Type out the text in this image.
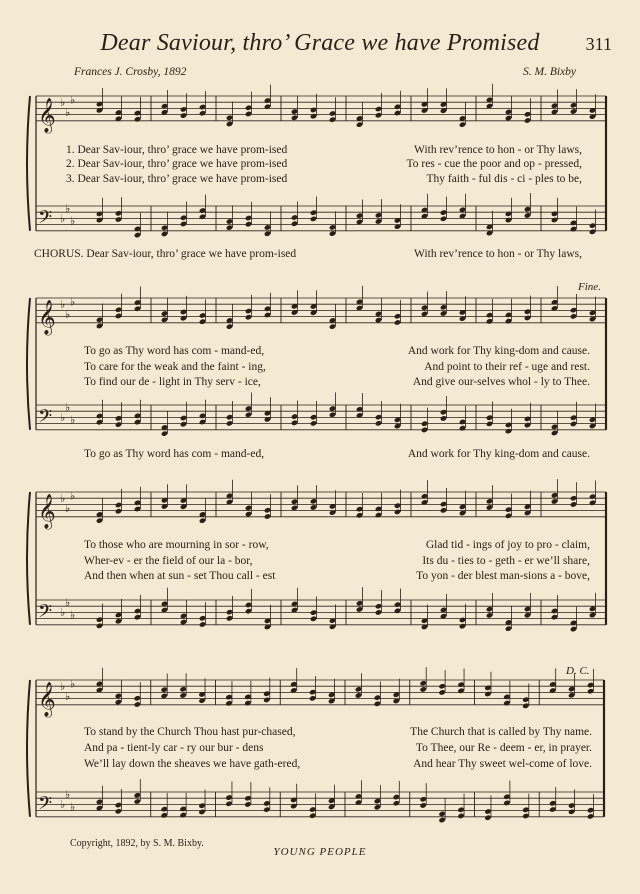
Dear Saviour, thro’ Grace we have Promised	311
Frances J. Crosby, 1892	S. M. Bixby
𝄞
𝄢
♭
♭
♭
♭
♭
♭
𝄞
𝄢
♭
♭
♭
♭
♭
♭
𝄞
𝄢
♭
♭
♭
♭
♭
♭
𝄞
𝄢
♭
♭
♭
♭
♭
♭
1. Dear Sav-iour, thro’ grace we have prom-ised	With rev’rence to hon - or Thy laws,
2. Dear Sav-iour, thro’ grace we have prom-ised	To res - cue the poor and op - pressed,
3. Dear Sav-iour, thro’ grace we have prom-ised	Thy faith - ful dis - ci - ples to be,
CHORUS. Dear Sav-iour, thro’ grace we have prom-ised	With rev’rence to hon - or Thy laws,
Fine.
To go as Thy word has com - mand-ed,	And work for Thy king-dom and cause.
To care for the weak and the faint - ing,	And point to their ref - uge and rest.
To find our de - light in Thy serv - ice,	And give our-selves whol - ly to Thee.
To go as Thy word has com - mand-ed,	And work for Thy king-dom and cause.
To those who are mourning in sor - row,	Glad tid - ings of joy to pro - claim,
Wher-ev - er the field of our la - bor,	Its du - ties to - geth - er we’ll share,
And then when at sun - set Thou call - est	To yon - der blest man-sions a - bove,
D. C.
To stand by the Church Thou hast pur-chased,	The Church that is called by Thy name.
And pa - tient-ly car - ry our bur - dens	To Thee, our Re - deem - er, in prayer.
We’ll lay down the sheaves we have gath-ered,	And hear Thy sweet wel-come of love.
Copyright, 1892, by S. M. Bixby.
YOUNG PEOPLE
